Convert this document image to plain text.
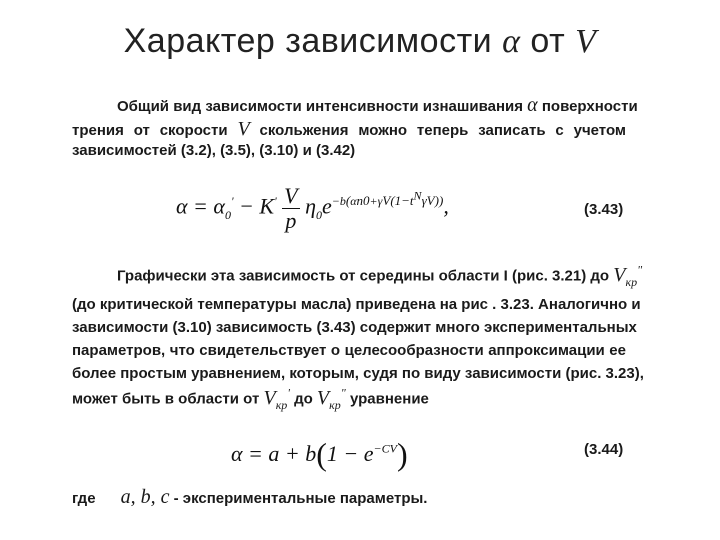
Характер зависимости α от V
Общий вид зависимости интенсивности изнашивания α поверхности
трения от скорости V скольжения можно теперь записать с учетом
зависимостей (3.2), (3.5), (3.10) и (3.42)
$\alpha = \alpha_0' - K' \frac{V}{p} \eta_0e^{-b(\alpha n0+\gamma V(1-t^N\gamma V))}$,	(3.43)
Графически эта зависимость от середины области I (рис. 3.21) до $V_{кр}^"$
(до критической температуры масла) приведена на рис . 3.23. Аналогично и
зависимости (3.10) зависимость (3.43) содержит много экспериментальных
параметров, что свидетельствует о целесообразности аппроксимации ее
более простым уравнением, которым, судя по виду зависимости (рис. 3.23),
может быть в области от $V_{кр}'$ до $V_{кр}^"$ уравнение
$\alpha = a + b(1 - e^{-CV})$	(3.44)
где a, b, c - экспериментальные параметры.
